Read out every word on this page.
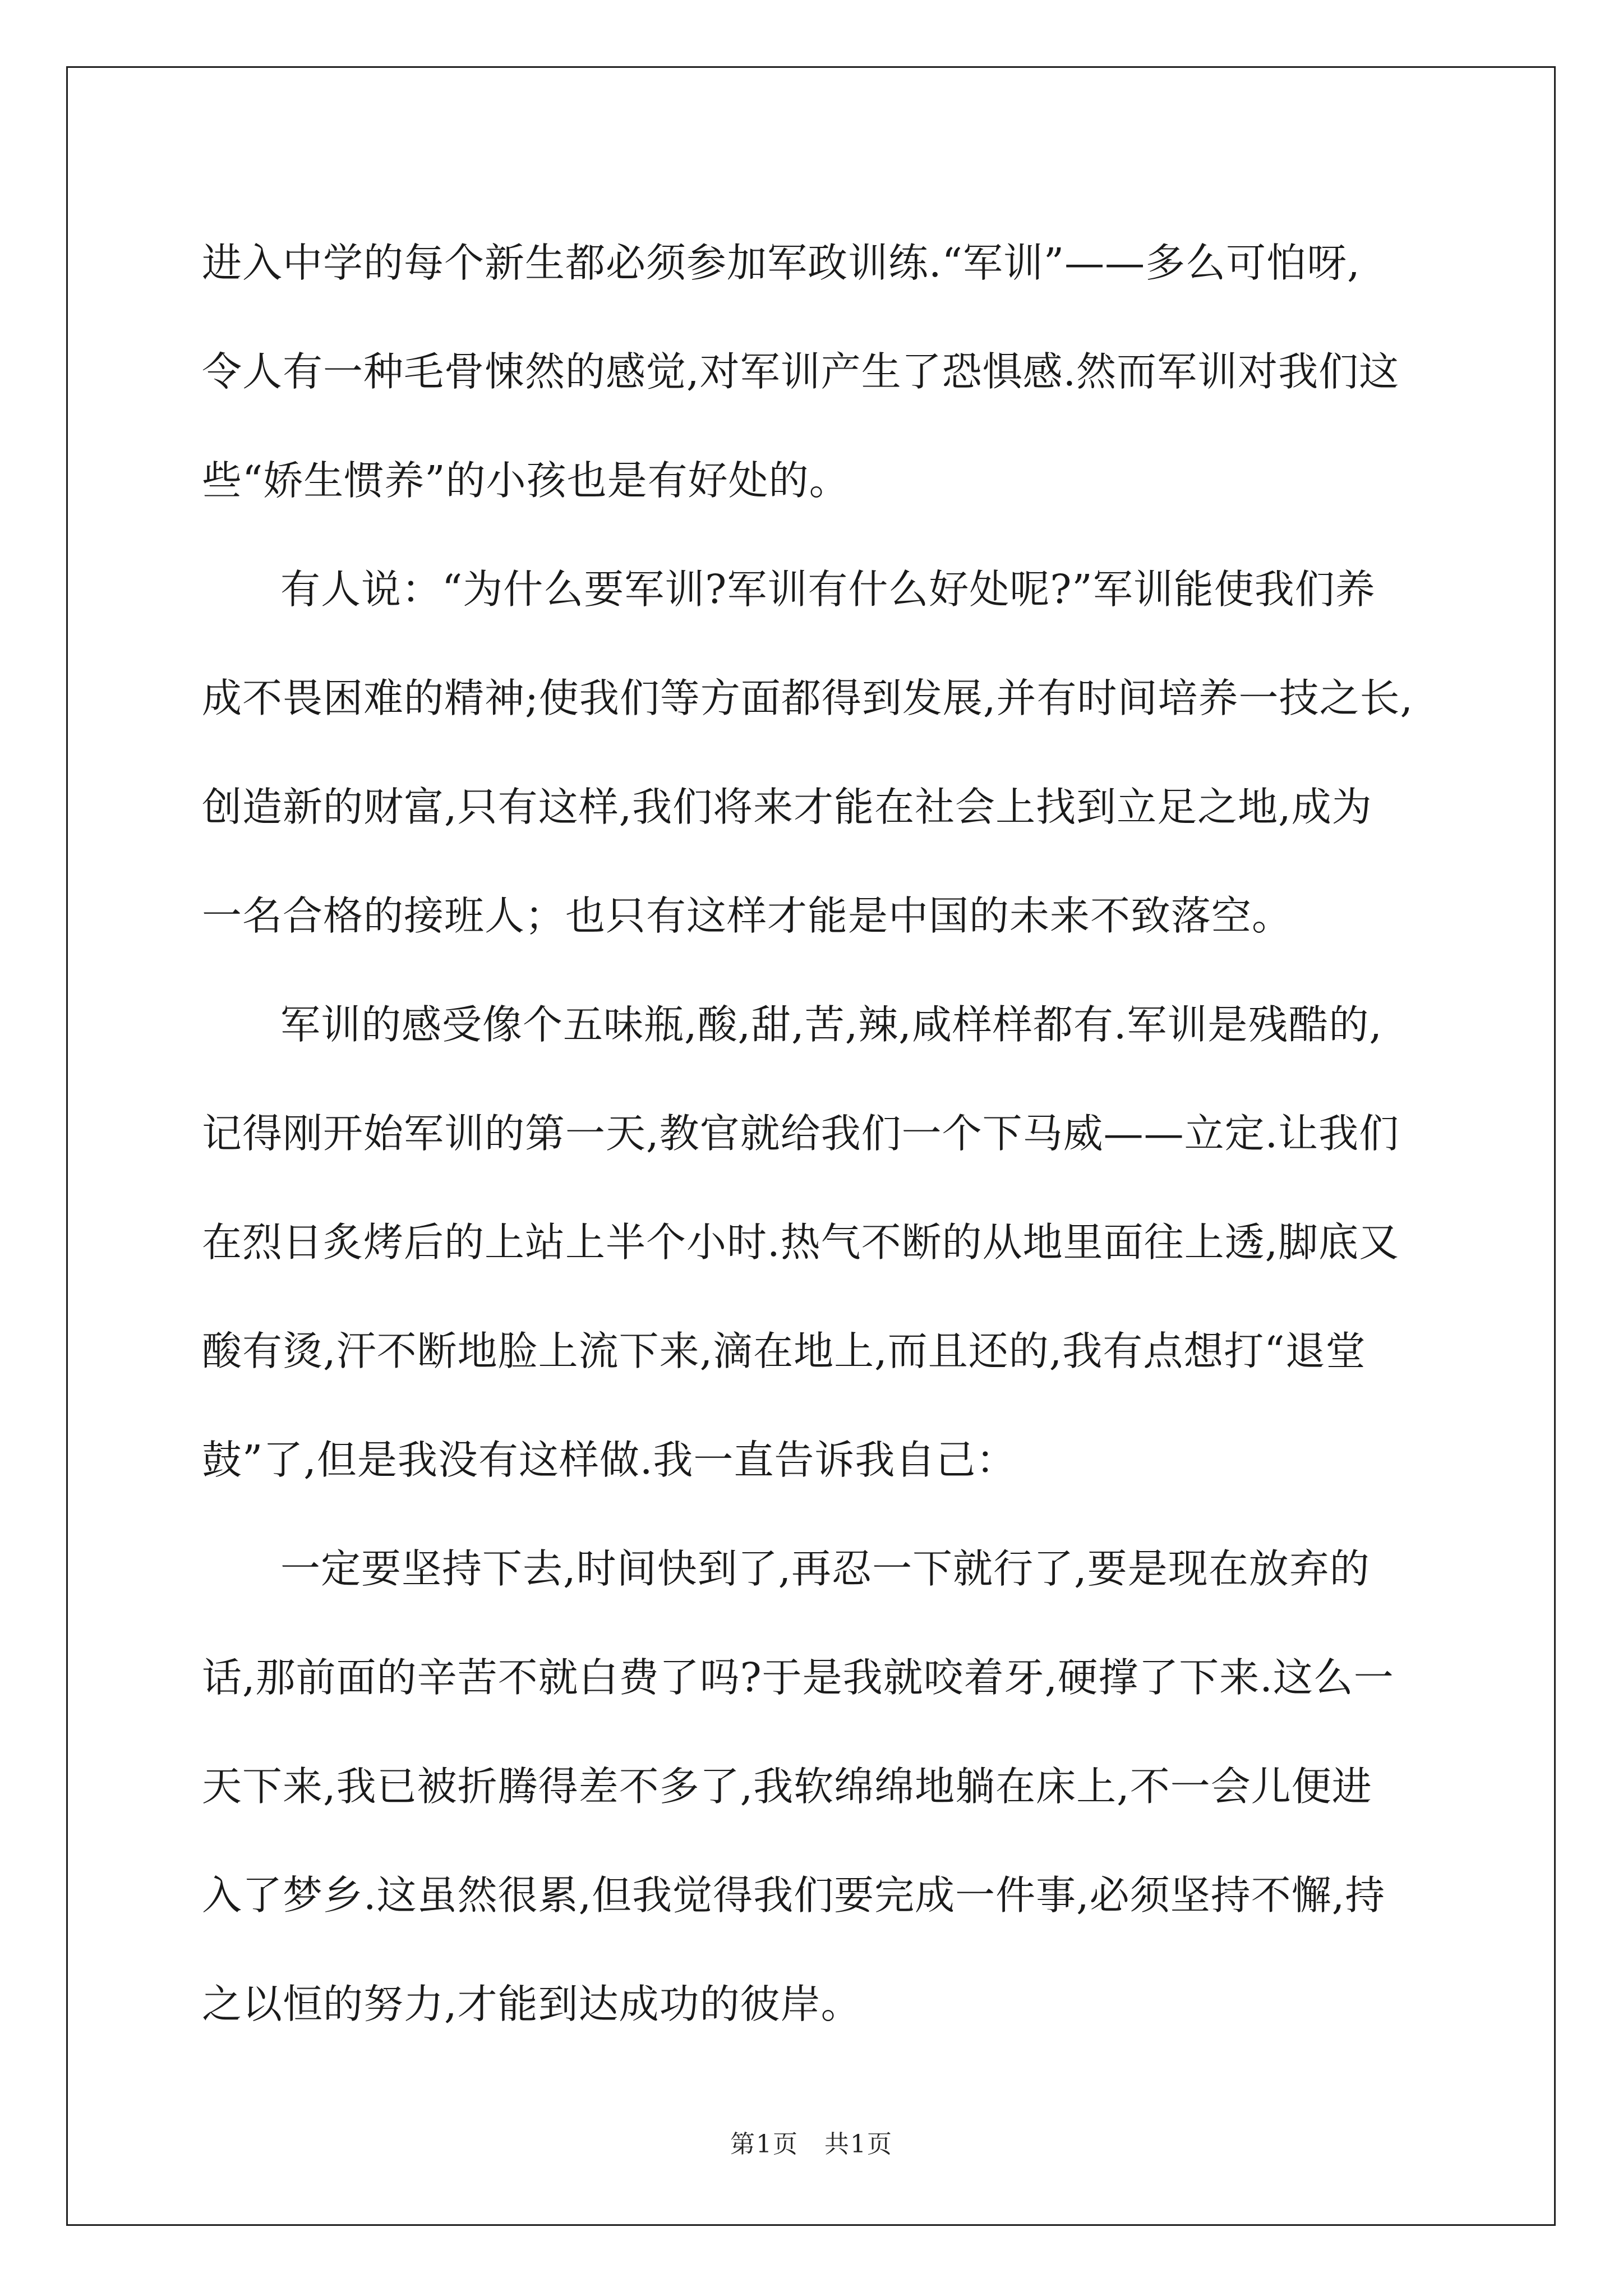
进入中学的每个新生都必须参加军政训练.“军训”——多么可怕呀,
令人有一种毛骨悚然的感觉,对军训产生了恐惧感.然而军训对我们这
些“娇生惯养”的小孩也是有好处的。
有人说：“为什么要军训?军训有什么好处呢?”军训能使我们养
成不畏困难的精神;使我们等方面都得到发展,并有时间培养一技之长,
创造新的财富,只有这样,我们将来才能在社会上找到立足之地,成为
一名合格的接班人；也只有这样才能是中国的未来不致落空。
军训的感受像个五味瓶,酸,甜,苦,辣,咸样样都有.军训是残酷的,
记得刚开始军训的第一天,教官就给我们一个下马威——立定.让我们
在烈日炙烤后的上站上半个小时.热气不断的从地里面往上透,脚底又
酸有烫,汗不断地脸上流下来,滴在地上,而且还的,我有点想打“退堂
鼓”了,但是我没有这样做.我一直告诉我自己：
一定要坚持下去,时间快到了,再忍一下就行了,要是现在放弃的
话,那前面的辛苦不就白费了吗?于是我就咬着牙,硬撑了下来.这么一
天下来,我已被折腾得差不多了,我软绵绵地躺在床上,不一会儿便进
入了梦乡.这虽然很累,但我觉得我们要完成一件事,必须坚持不懈,持
之以恒的努力,才能到达成功的彼岸。
第1页　共1页
